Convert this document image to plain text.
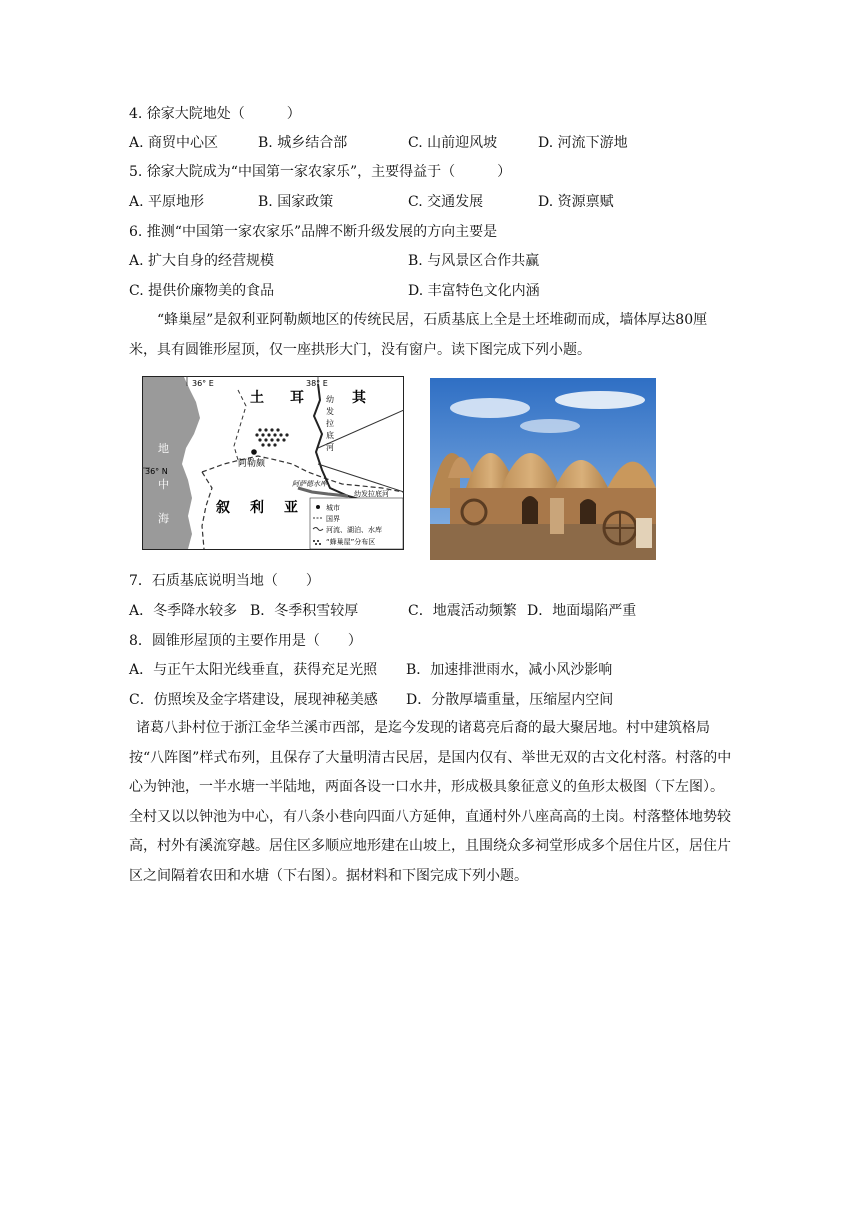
4. 徐家大院地处（　　　）
A. 商贸中心区	B. 城乡结合部	C. 山前迎风坡	D. 河流下游地
5. 徐家大院成为“中国第一家农家乐”，主要得益于（　　　）
A. 平原地形	B. 国家政策	C. 交通发展	D. 资源禀赋
6. 推测“中国第一家农家乐”品牌不断升级发展的方向主要是
A. 扩大自身的经营规模	B. 与风景区合作共赢
C. 提供价廉物美的食品	D. 丰富特色文化内涵
“蜂巢屋”是叙利亚阿勒颇地区的传统民居，石质基底上全是土坯堆砌而成，墙体厚达80厘米，具有圆锥形屋顶，仅一座拱形大门，没有窗户。读下图完成下列小题。
36° E	38° E
36° N
土 耳	其
叙 利 亚
地
中
海
阿勒颇
幼
发
拉
底
河
阿萨德水库
幼发拉底河
城市
国界
河流、湖泊、水库
“蜂巢屋”分布区
7．石质基底说明当地（　　）
A．冬季降水较多 B．冬季积雪较厚	C．地震活动频繁 D．地面塌陷严重
8．圆锥形屋顶的主要作用是（　　）
A．与正午太阳光线垂直，获得充足光照 B．加速排泄雨水，减小风沙影响
C．仿照埃及金字塔建设，展现神秘美感 D．分散厚墙重量，压缩屋内空间
诸葛八卦村位于浙江金华兰溪市西部，是迄今发现的诸葛亮后裔的最大聚居地。村中建筑格局按“八阵图”样式布列，且保存了大量明清古民居，是国内仅有、举世无双的古文化村落。村落的中心为钟池，一半水塘一半陆地，两面各设一口水井，形成极具象征意义的鱼形太极图（下左图）。全村又以以钟池为中心，有八条小巷向四面八方延伸，直通村外八座高高的土岗。村落整体地势较高，村外有溪流穿越。居住区多顺应地形建在山坡上，且围绕众多祠堂形成多个居住片区，居住片区之间隔着农田和水塘（下右图）。据材料和下图完成下列小题。
